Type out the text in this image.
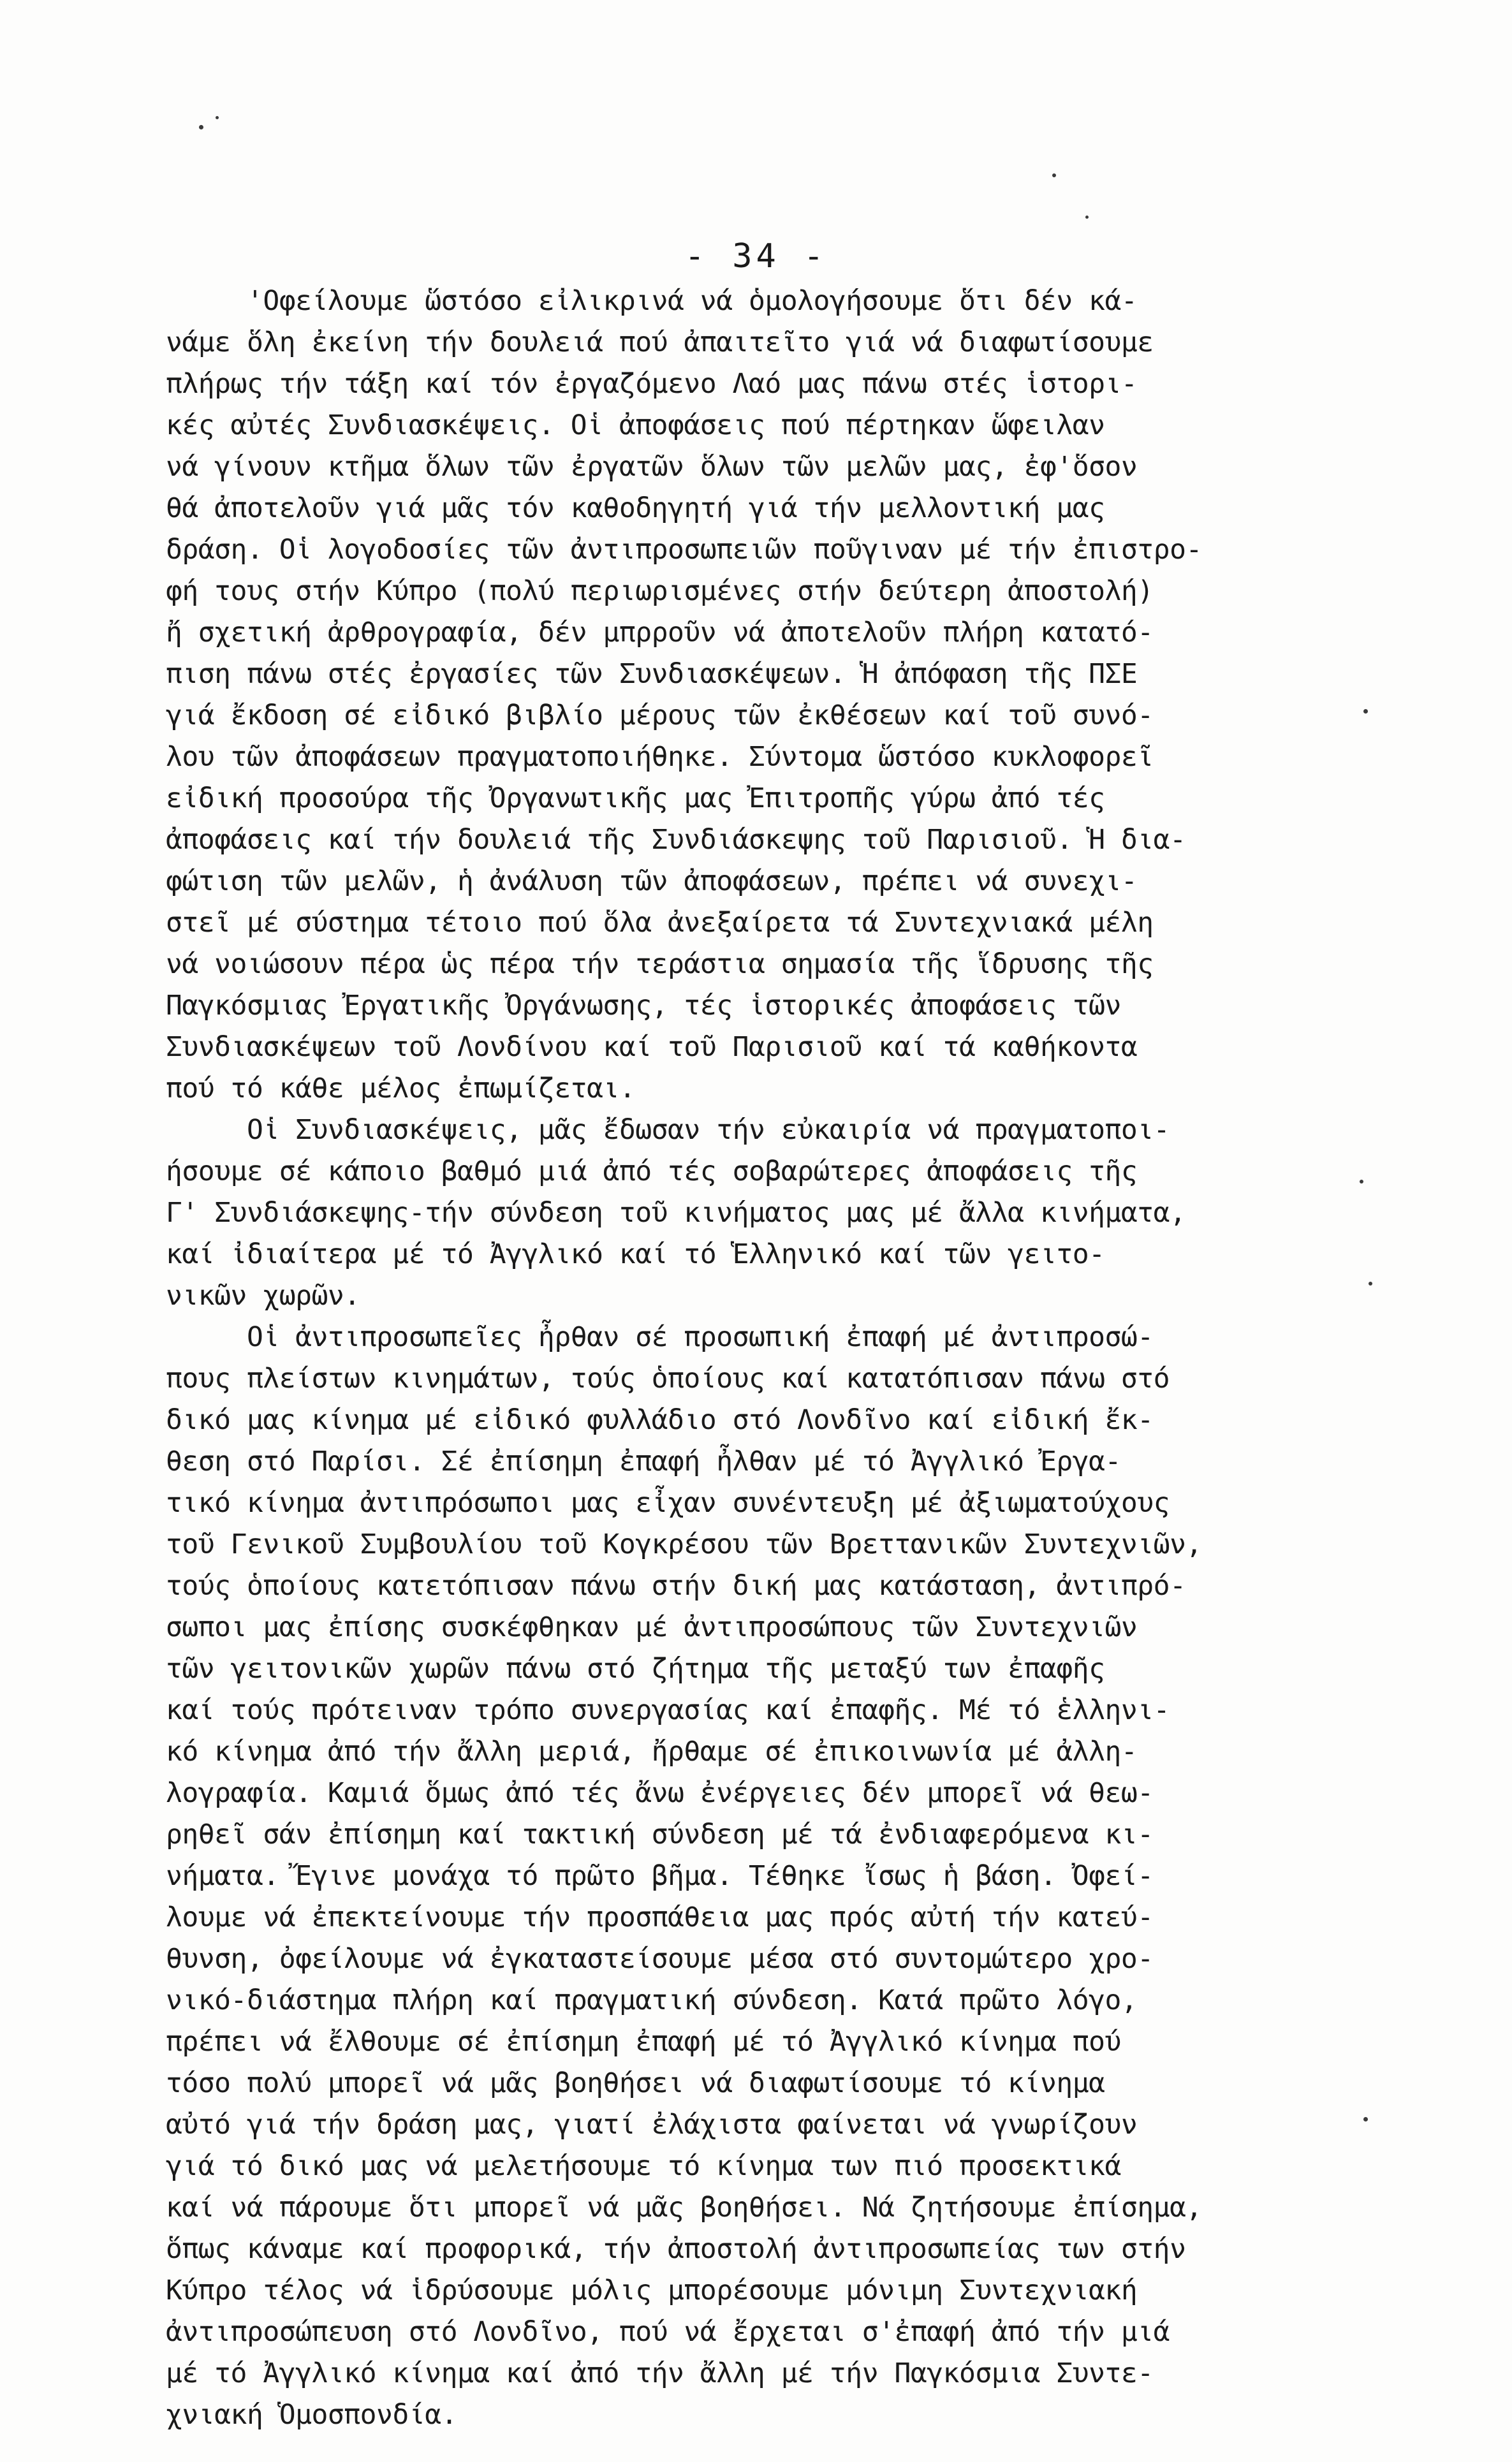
- 34 -
'Οφείλουμε ὥστόσο εἰλικρινά νά ὁμολογήσουμε ὅτι δέν κά-
νάμε ὅλη ἐκείνη τήν δουλειά πού ἀπαιτεῖτο γιά νά διαφωτίσουμε
πλήρως τήν τάξη καί τόν ἐργαζόμενο Λαό μας πάνω στές ἱστορι-
κές αὐτές Συνδιασκέψεις. Οἱ ἀποφάσεις πού πέρτηκαν ὥφειλαν
νά γίνουν κτῆμα ὅλων τῶν ἐργατῶν ὅλων τῶν μελῶν μας, ἐφ'ὅσον
θά ἀποτελοῦν γιά μᾶς τόν καθοδηγητή γιά τήν μελλοντική μας
δράση. Οἱ λογοδοσίες τῶν ἀντιπροσωπειῶν ποῦγιναν μέ τήν ἐπιστρο-
φή τους στήν Κύπρο (πολύ περιωρισμένες στήν δεύτερη ἀποστολή)
ἤ σχετική ἀρθρογραφία, δέν μπρροῦν νά ἀποτελοῦν πλήρη κατατό-
πιση πάνω στές ἐργασίες τῶν Συνδιασκέψεων. Ἡ ἀπόφαση τῆς ΠΣΕ
γιά ἔκδοση σέ εἰδικό βιβλίο μέρους τῶν ἐκθέσεων καί τοῦ συνό-
λου τῶν ἀποφάσεων πραγματοποιήθηκε. Σύντομα ὥστόσο κυκλοφορεῖ
εἰδική προσούρα τῆς Ὀργανωτικῆς μας Ἐπιτροπῆς γύρω ἀπό τές
ἀποφάσεις καί τήν δουλειά τῆς Συνδιάσκεψης τοῦ Παρισιοῦ. Ἡ δια-
φώτιση τῶν μελῶν, ἡ ἀνάλυση τῶν ἀποφάσεων, πρέπει νά συνεχι-
στεῖ μέ σύστημα τέτοιο πού ὅλα ἀνεξαίρετα τά Συντεχνιακά μέλη
νά νοιώσουν πέρα ὡς πέρα τήν τεράστια σημασία τῆς ἵδρυσης τῆς
Παγκόσμιας Ἐργατικῆς Ὀργάνωσης, τές ἱστορικές ἀποφάσεις τῶν
Συνδιασκέψεων τοῦ Λονδίνου καί τοῦ Παρισιοῦ καί τά καθήκοντα
πού τό κάθε μέλος ἐπωμίζεται.
Οἱ Συνδιασκέψεις, μᾶς ἔδωσαν τήν εὐκαιρία νά πραγματοποι-
ήσουμε σέ κάποιο βαθμό μιά ἀπό τές σοβαρώτερες ἀποφάσεις τῆς
Γ' Συνδιάσκεψης-τήν σύνδεση τοῦ κινήματος μας μέ ἄλλα κινήματα,
καί ἰδιαίτερα μέ τό Ἀγγλικό καί τό Ἑλληνικό καί τῶν γειτο-
νικῶν χωρῶν.
Οἱ ἀντιπροσωπεῖες ἦρθαν σέ προσωπική ἐπαφή μέ ἀντιπροσώ-
πους πλείστων κινημάτων, τούς ὁποίους καί κατατόπισαν πάνω στό
δικό μας κίνημα μέ εἰδικό φυλλάδιο στό Λονδῖνο καί εἰδική ἔκ-
θεση στό Παρίσι. Σέ ἐπίσημη ἐπαφή ἦλθαν μέ τό Ἀγγλικό Ἐργα-
τικό κίνημα ἀντιπρόσωποι μας εἶχαν συνέντευξη μέ ἀξιωματούχους
τοῦ Γενικοῦ Συμβουλίου τοῦ Κογκρέσου τῶν Βρεττανικῶν Συντεχνιῶν,
τούς ὁποίους κατετόπισαν πάνω στήν δική μας κατάσταση, ἀντιπρό-
σωποι μας ἐπίσης συσκέφθηκαν μέ ἀντιπροσώπους τῶν Συντεχνιῶν
τῶν γειτονικῶν χωρῶν πάνω στό ζήτημα τῆς μεταξύ των ἐπαφῆς
καί τούς πρότειναν τρόπο συνεργασίας καί ἐπαφῆς. Μέ τό ἑλληνι-
κό κίνημα ἀπό τήν ἄλλη μεριά, ἤρθαμε σέ ἐπικοινωνία μέ ἀλλη-
λογραφία. Καμιά ὅμως ἀπό τές ἄνω ἐνέργειες δέν μπορεῖ νά θεω-
ρηθεῖ σάν ἐπίσημη καί τακτική σύνδεση μέ τά ἐνδιαφερόμενα κι-
νήματα. Ἔγινε μονάχα τό πρῶτο βῆμα. Τέθηκε ἴσως ἡ βάση. Ὀφεί-
λουμε νά ἐπεκτείνουμε τήν προσπάθεια μας πρός αὐτή τήν κατεύ-
θυνση, ὀφείλουμε νά ἐγκαταστείσουμε μέσα στό συντομώτερο χρο-
νικό-διάστημα πλήρη καί πραγματική σύνδεση. Κατά πρῶτο λόγο,
πρέπει νά ἔλθουμε σέ ἐπίσημη ἐπαφή μέ τό Ἀγγλικό κίνημα πού
τόσο πολύ μπορεῖ νά μᾶς βοηθήσει νά διαφωτίσουμε τό κίνημα
αὐτό γιά τήν δράση μας, γιατί ἐλάχιστα φαίνεται νά γνωρίζουν
γιά τό δικό μας νά μελετήσουμε τό κίνημα των πιό προσεκτικά
καί νά πάρουμε ὅτι μπορεῖ νά μᾶς βοηθήσει. Νά ζητήσουμε ἐπίσημα,
ὅπως κάναμε καί προφορικά, τήν ἀποστολή ἀντιπροσωπείας των στήν
Κύπρο τέλος νά ἱδρύσουμε μόλις μπορέσουμε μόνιμη Συντεχνιακή
ἀντιπροσώπευση στό Λονδῖνο, πού νά ἔρχεται σ'ἐπαφή ἀπό τήν μιά
μέ τό Ἀγγλικό κίνημα καί ἀπό τήν ἄλλη μέ τήν Παγκόσμια Συντε-
χνιακή Ὁμοσπονδία.
